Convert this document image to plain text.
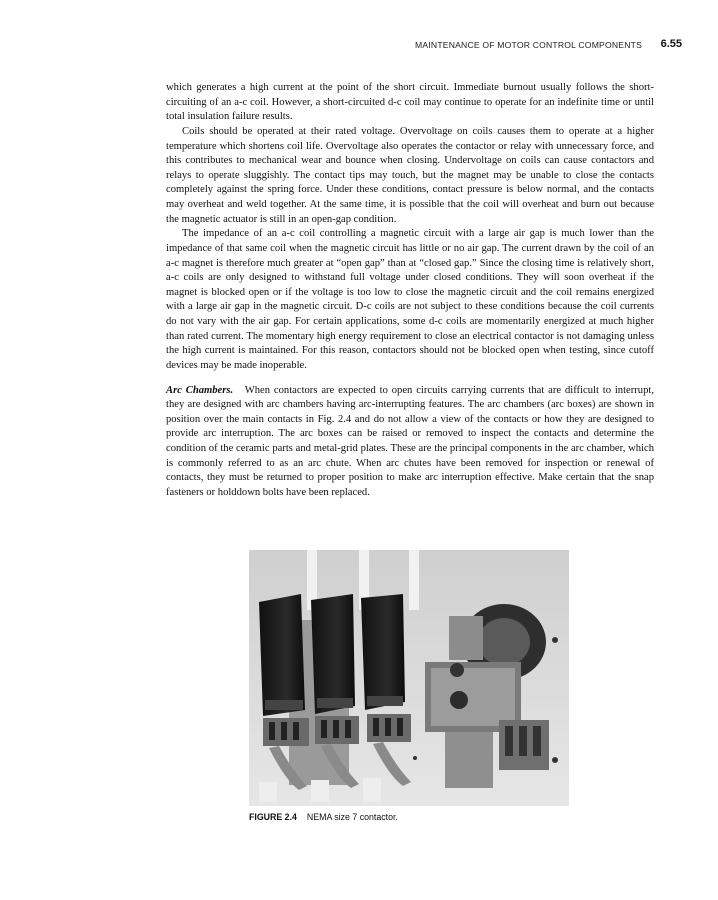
MAINTENANCE OF MOTOR CONTROL COMPONENTS 6.55

which generates a high current at the point of the short circuit. Immediate burnout usually follows the short-circuiting of an a-c coil. However, a short-circuited d-c coil may continue to operate for an indefinite time or until total insulation failure results.

Coils should be operated at their rated voltage. Overvoltage on coils causes them to operate at a higher temperature which shortens coil life. Overvoltage also operates the contactor or relay with unnecessary force, and this contributes to mechanical wear and bounce when closing. Undervoltage on coils can cause contactors and relays to operate sluggishly. The contact tips may touch, but the magnet may be unable to close the contacts completely against the spring force. Under these conditions, contact pressure is below normal, and the contacts may overheat and weld together. At the same time, it is possible that the coil will overheat and burn out because the magnetic actuator is still in an open-gap condition.

The impedance of an a-c coil controlling a magnetic circuit with a large air gap is much lower than the impedance of that same coil when the magnetic circuit has little or no air gap. The current drawn by the coil of an a-c magnet is therefore much greater at “open gap” than at “closed gap.” Since the closing time is relatively short, a-c coils are only designed to withstand full voltage under closed conditions. They will soon overheat if the magnet is blocked open or if the voltage is too low to close the magnetic circuit and the coil remains energized with a large air gap in the magnetic circuit. D-c coils are not subject to these conditions because the coil currents do not vary with the air gap. For certain applications, some d-c coils are momentarily energized at much higher than rated current. The momentary high energy requirement to close an electrical contactor is not damaging unless the high current is maintained. For this reason, contactors should not be blocked open when testing, since cutoff devices may be made inoperable.

Arc Chambers. When contactors are expected to open circuits carrying currents that are difficult to interrupt, they are designed with arc chambers having arc-interrupting features. The arc chambers (arc boxes) are shown in position over the main contacts in Fig. 2.4 and do not allow a view of the contacts or how they are designed to provide arc interruption. The arc boxes can be raised or removed to inspect the contacts and determine the condition of the ceramic parts and metal-grid plates. These are the principal components in the arc chamber, which is commonly referred to as an arc chute. When arc chutes have been removed for inspection or renewal of contacts, they must be returned to proper position to make arc interruption effective. Make certain that the snap fasteners or holddown bolts have been replaced.

FIGURE 2.4 NEMA size 7 contactor.
